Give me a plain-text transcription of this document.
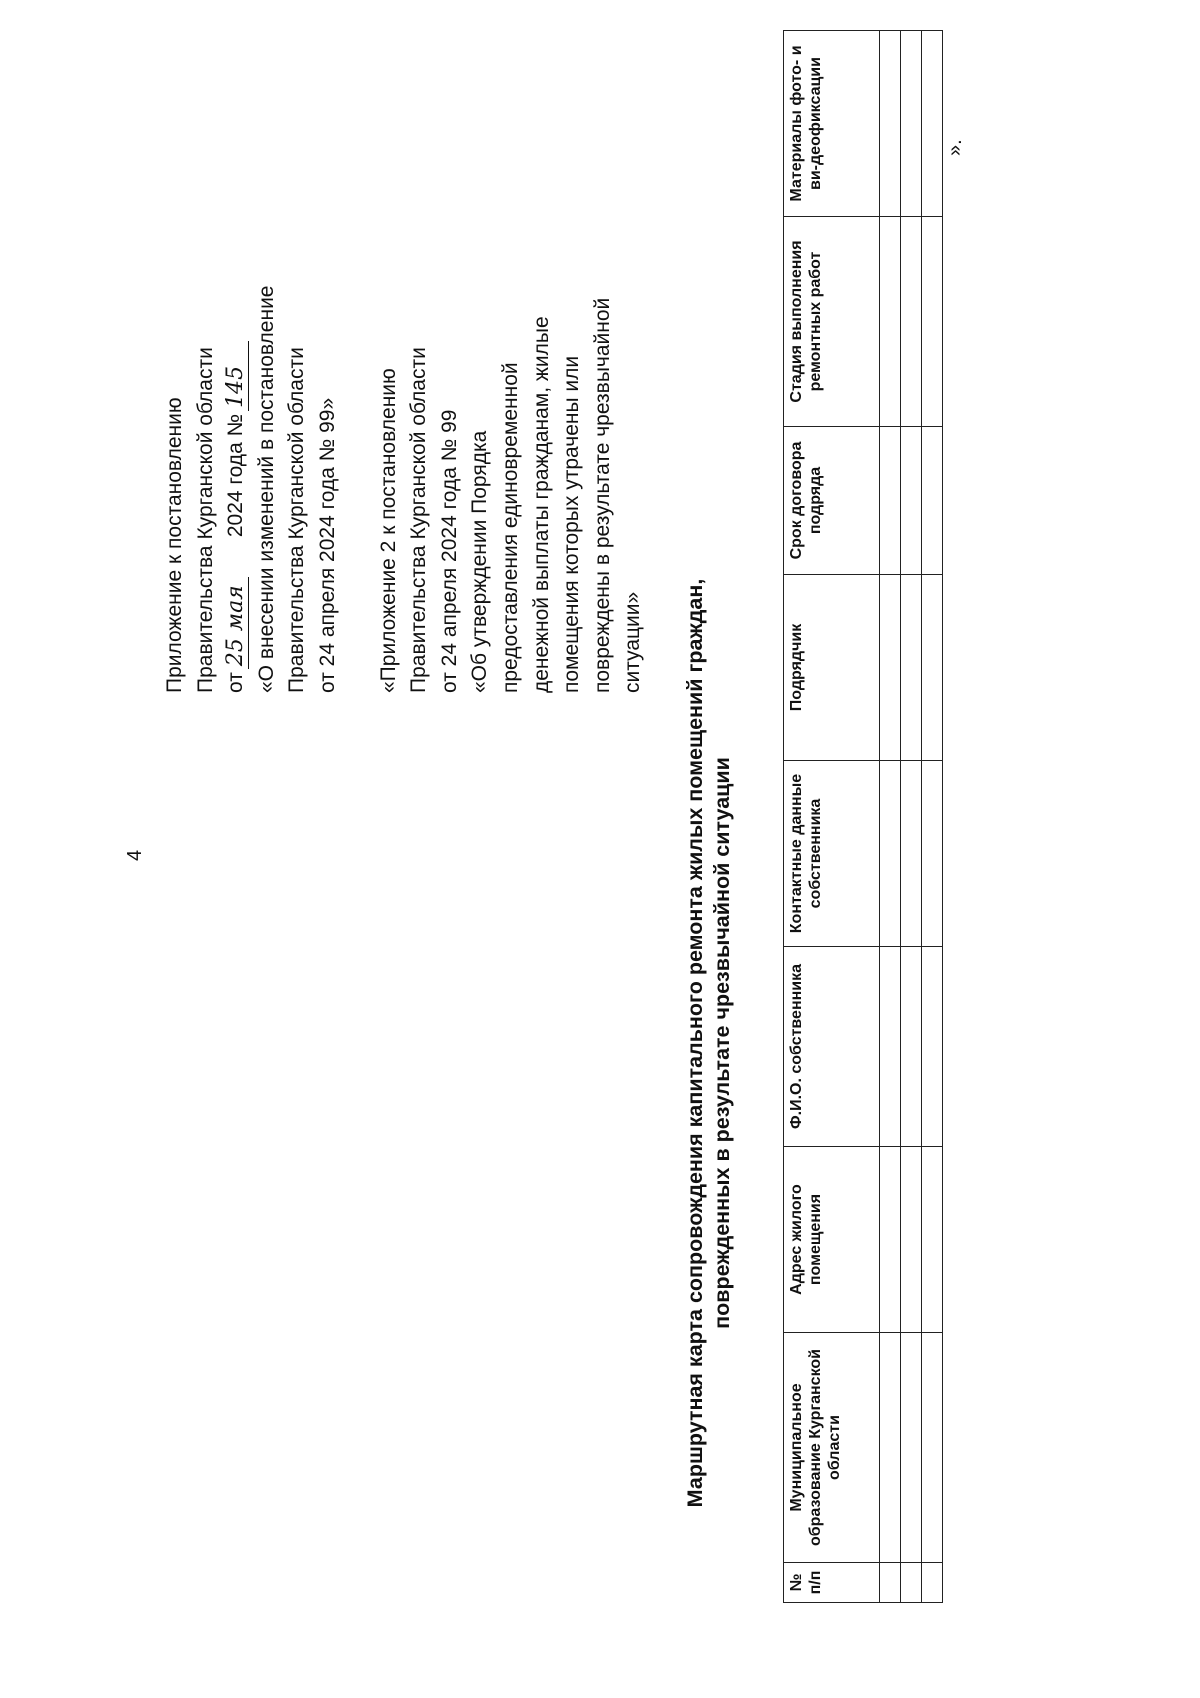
4
Приложение к постановлению Правительства Курганской области от25 мая2024 года №145 «О внесении изменений в постановление Правительства Курганской области от 24 апреля 2024 года № 99» «Приложение 2 к постановлению Правительства Курганской области от 24 апреля 2024 года № 99 «Об утверждении Порядка предоставления единовременной денежной выплаты гражданам, жилые помещения которых утрачены или повреждены в результате чрезвычайной ситуации» Маршрутная карта сопровождения капитального ремонта жилых помещений граждан, поврежденных в результате чрезвычайной ситуации
№ п/п	Муниципальное образование Курганской области	Адрес жилого помещения	Ф.И.О. собственника	Контактные данные собственника	Подрядчик	Срок договора подряда	Стадия выполнения ремонтных работ	Материалы фото- и ви-деофиксации

									».
